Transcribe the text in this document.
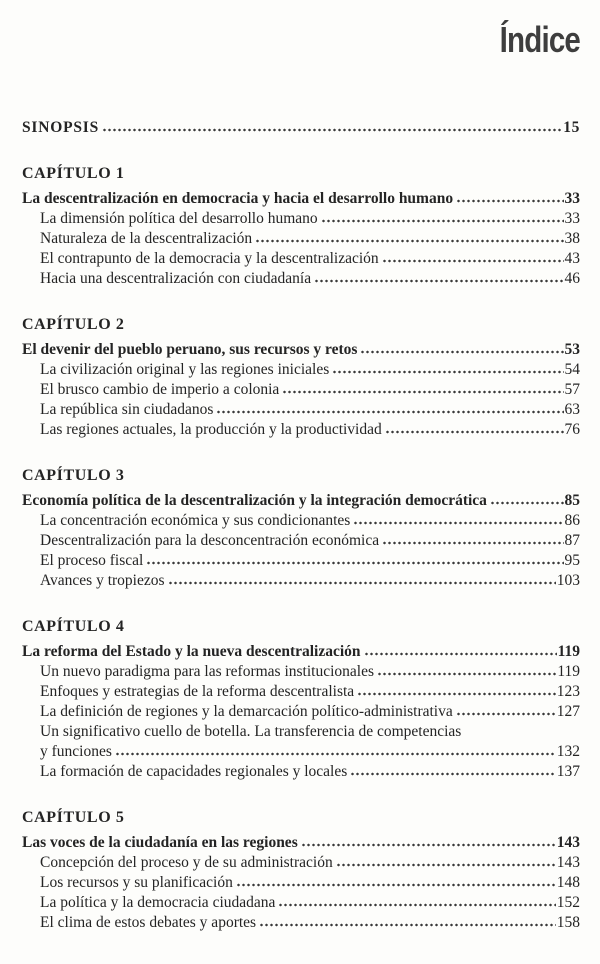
Índice
SINOPSIS	15
CAPÍTULO 1
La descentralización en democracia y hacia el desarrollo humano	33
La dimensión política del desarrollo humano	33
Naturaleza de la descentralización	38
El contrapunto de la democracia y la descentralización	43
Hacia una descentralización con ciudadanía	46
CAPÍTULO 2
El devenir del pueblo peruano, sus recursos y retos	53
La civilización original y las regiones iniciales	54
El brusco cambio de imperio a colonia	57
La república sin ciudadanos	63
Las regiones actuales, la producción y la productividad	76
CAPÍTULO 3
Economía política de la descentralización y la integración democrática	85
La concentración económica y sus condicionantes	86
Descentralización para la desconcentración económica	87
El proceso fiscal	95
Avances y tropiezos	103
CAPÍTULO 4
La reforma del Estado y la nueva descentralización	119
Un nuevo paradigma para las reformas institucionales	119
Enfoques y estrategias de la reforma descentralista	123
La definición de regiones y la demarcación político-administrativa	127
Un significativo cuello de botella. La transferencia de competencias
y funciones	132
La formación de capacidades regionales y locales	137
CAPÍTULO 5
Las voces de la ciudadanía en las regiones	143
Concepción del proceso y de su administración	143
Los recursos y su planificación	148
La política y la democracia ciudadana	152
El clima de estos debates y aportes	158
